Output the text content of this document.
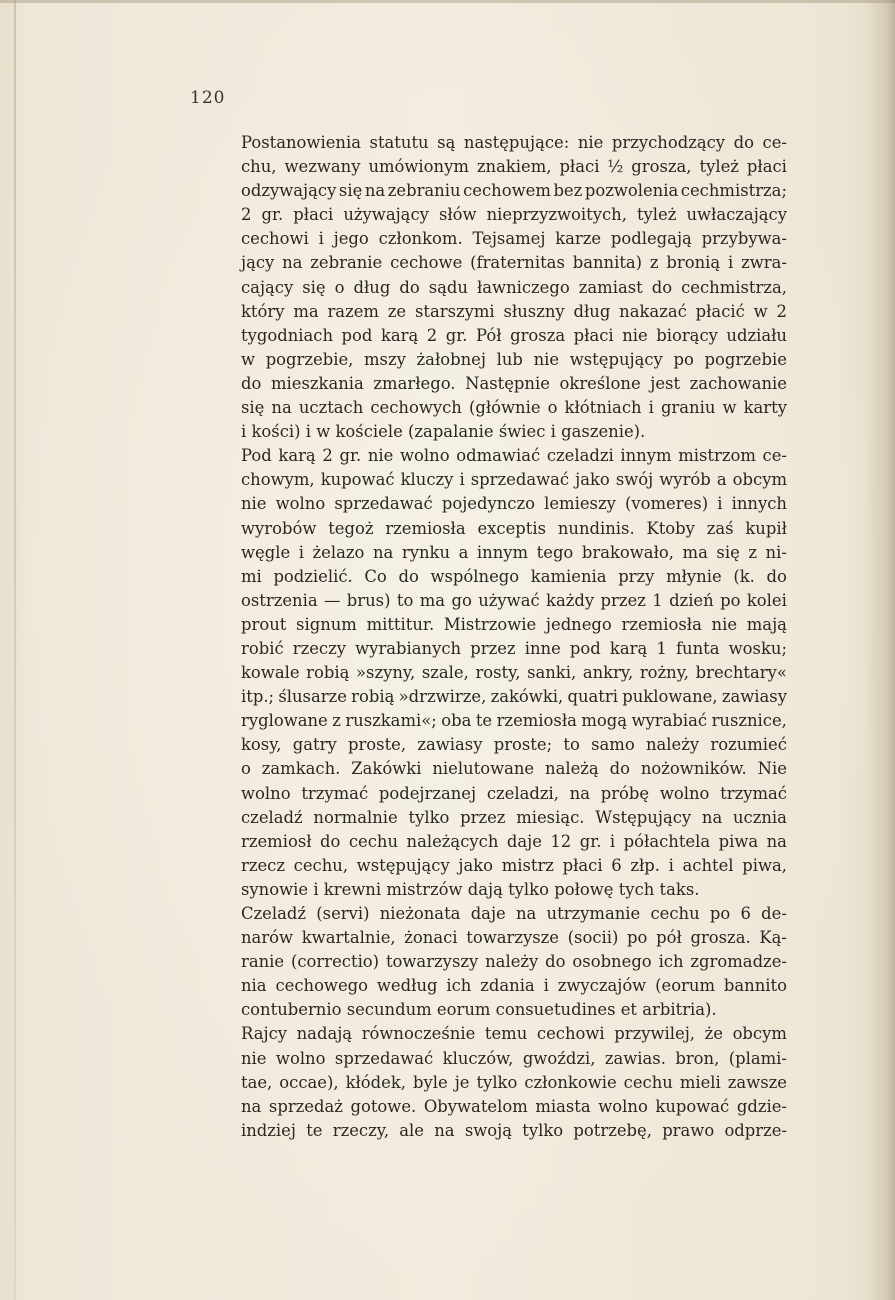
120
Postanowienia statutu są następujące: nie przychodzący do ce-
chu, wezwany umówionym znakiem, płaci ½ grosza, tyleż płaci
odzywający się na zebraniu cechowem bez pozwolenia cechmistrza;
2 gr. płaci używający słów nieprzyzwoitych, tyleż uwłaczający
cechowi i jego członkom. Tejsamej karze podlegają przybywa-
jący na zebranie cechowe (fraternitas bannita) z bronią i zwra-
cający się o dług do sądu ławniczego zamiast do cechmistrza,
który ma razem ze starszymi słuszny dług nakazać płacić w 2
tygodniach pod karą 2 gr. Pół grosza płaci nie biorący udziału
w pogrzebie, mszy żałobnej lub nie wstępujący po pogrzebie
do mieszkania zmarłego. Następnie określone jest zachowanie
się na ucztach cechowych (głównie o kłótniach i graniu w karty
i kości) i w kościele (zapalanie świec i gaszenie).
Pod karą 2 gr. nie wolno odmawiać czeladzi innym mistrzom ce-
chowym, kupować kluczy i sprzedawać jako swój wyrób a obcym
nie wolno sprzedawać pojedynczo lemieszy (vomeres) i innych
wyrobów tegoż rzemiosła exceptis nundinis. Ktoby zaś kupił
węgle i żelazo na rynku a innym tego brakowało, ma się z ni-
mi podzielić. Co do wspólnego kamienia przy młynie (k. do
ostrzenia — brus) to ma go używać każdy przez 1 dzień po kolei
prout signum mittitur. Mistrzowie jednego rzemiosła nie mają
robić rzeczy wyrabianych przez inne pod karą 1 funta wosku;
kowale robią »szyny, szale, rosty, sanki, ankry, rożny, brechtary«
itp.; ślusarze robią »drzwirze, zakówki, quatri puklowane, zawiasy
ryglowane z ruszkami«; oba te rzemiosła mogą wyrabiać rusznice,
kosy, gatry proste, zawiasy proste; to samo należy rozumieć
o zamkach. Zakówki nielutowane należą do nożowników. Nie
wolno trzymać podejrzanej czeladzi, na próbę wolno trzymać
czeladź normalnie tylko przez miesiąc. Wstępujący na ucznia
rzemiosł do cechu należących daje 12 gr. i półachtela piwa na
rzecz cechu, wstępujący jako mistrz płaci 6 złp. i achtel piwa,
synowie i krewni mistrzów dają tylko połowę tych taks.
Czeladź (servi) nieżonata daje na utrzymanie cechu po 6 de-
narów kwartalnie, żonaci towarzysze (socii) po pół grosza. Ką-
ranie (correctio) towarzyszy należy do osobnego ich zgromadze-
nia cechowego według ich zdania i zwyczajów (eorum bannito
contubernio secundum eorum consuetudines et arbitria).
Rajcy nadają równocześnie temu cechowi przywilej, że obcym
nie wolno sprzedawać kluczów, gwoździ, zawias. bron, (plami-
tae, occae), kłódek, byle je tylko członkowie cechu mieli zawsze
na sprzedaż gotowe. Obywatelom miasta wolno kupować gdzie-
indziej te rzeczy, ale na swoją tylko potrzebę, prawo odprze-
